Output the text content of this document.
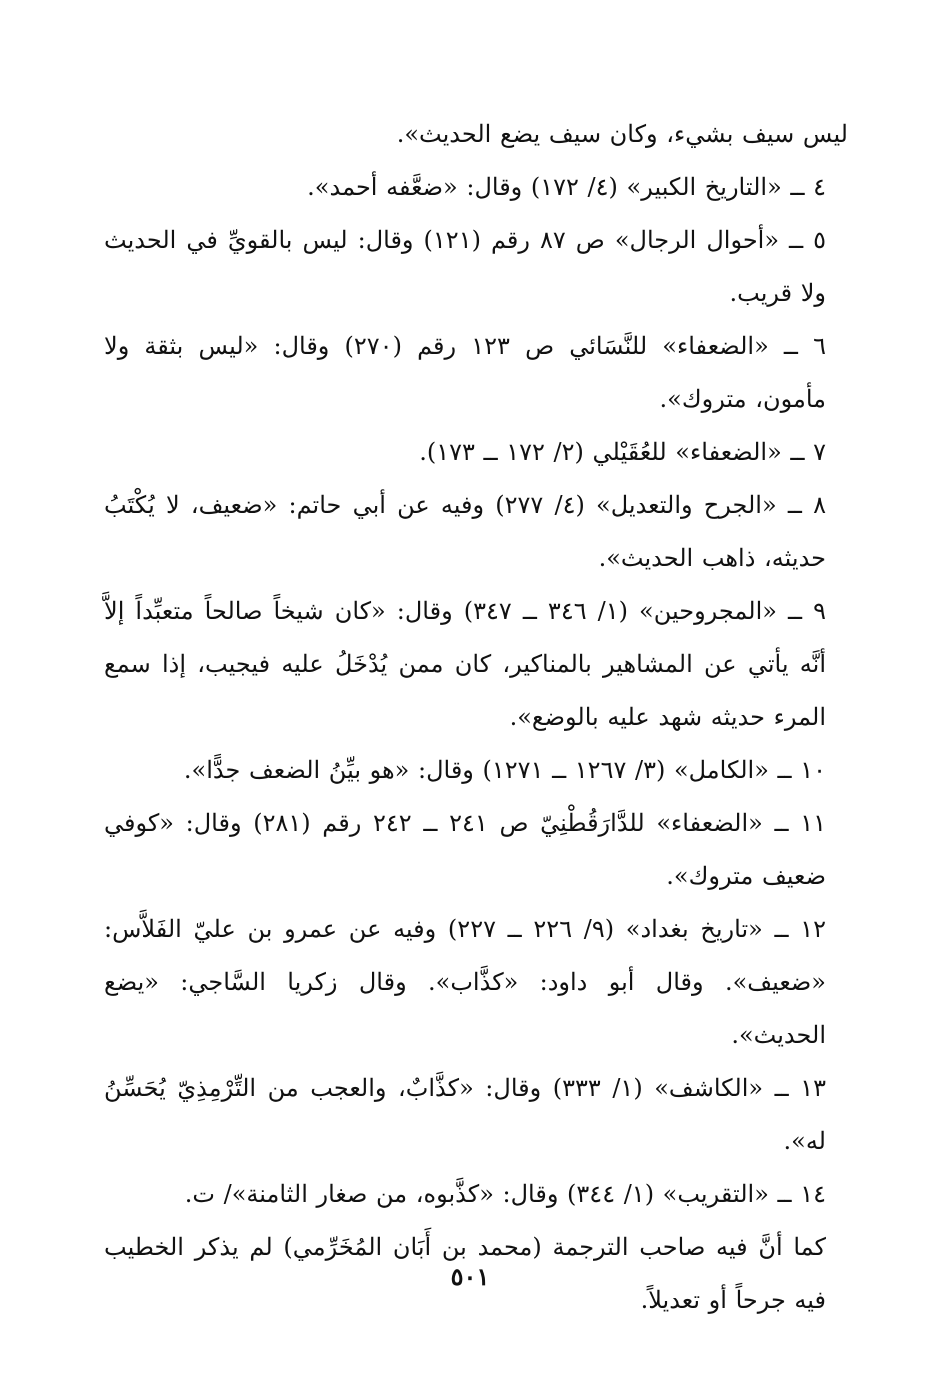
ليس سيف بشيء، وكان سيف يضع الحديث».

٤ ــ «التاريخ الكبير» (٤/ ١٧٢) وقال: «ضعَّفه أحمد».

٥ ــ «أحوال الرجال» ص ٨٧ رقم (١٢١) وقال: ليس بالقويِّ في الحديث ولا قريب.

٦ ــ «الضعفاء» للنَّسَائي ص ١٢٣ رقم (٢٧٠) وقال: «ليس بثقة ولا مأمون، متروك».

٧ ــ «الضعفاء» للعُقَيْلي (٢/ ١٧٢ ــ ١٧٣).

٨ ــ «الجرح والتعديل» (٤/ ٢٧٧) وفيه عن أبي حاتم: «ضعيف، لا يُكْتَبُ حديثه، ذاهب الحديث».

٩ ــ «المجروحين» (١/ ٣٤٦ ــ ٣٤٧) وقال: «كان شيخاً صالحاً متعبِّداً إلاَّ أنَّه يأتي عن المشاهير بالمناكير، كان ممن يُدْخَلُ عليه فيجيب، إذا سمع المرء حديثه شهد عليه بالوضع».

١٠ ــ «الكامل» (٣/ ١٢٦٧ ــ ١٢٧١) وقال: «هو بيِّنُ الضعف جدًّا».

١١ ــ «الضعفاء» للدَّارَقُطْنِيّ ص ٢٤١ ــ ٢٤٢ رقم (٢٨١) وقال: «كوفي ضعيف متروك».

١٢ ــ «تاريخ بغداد» (٩/ ٢٢٦ ــ ٢٢٧) وفيه عن عمرو بن عليّ الفَلاَّس: «ضعيف». وقال أبو داود: «كذَّاب». وقال زكريا السَّاجي: «يضع الحديث».

١٣ ــ «الكاشف» (١/ ٣٣٣) وقال: «كذَّابٌ، والعجب من التِّرْمِذِيّ يُحَسِّنُ له».

١٤ ــ «التقريب» (١/ ٣٤٤) وقال: «كذَّبوه، من صغار الثامنة»/ ت.

كما أنَّ فيه صاحب الترجمة (محمد بن أَبَان المُخَرِّمي) لم يذكر الخطيب فيه جرحاً أو تعديلاً.

٥٠١
